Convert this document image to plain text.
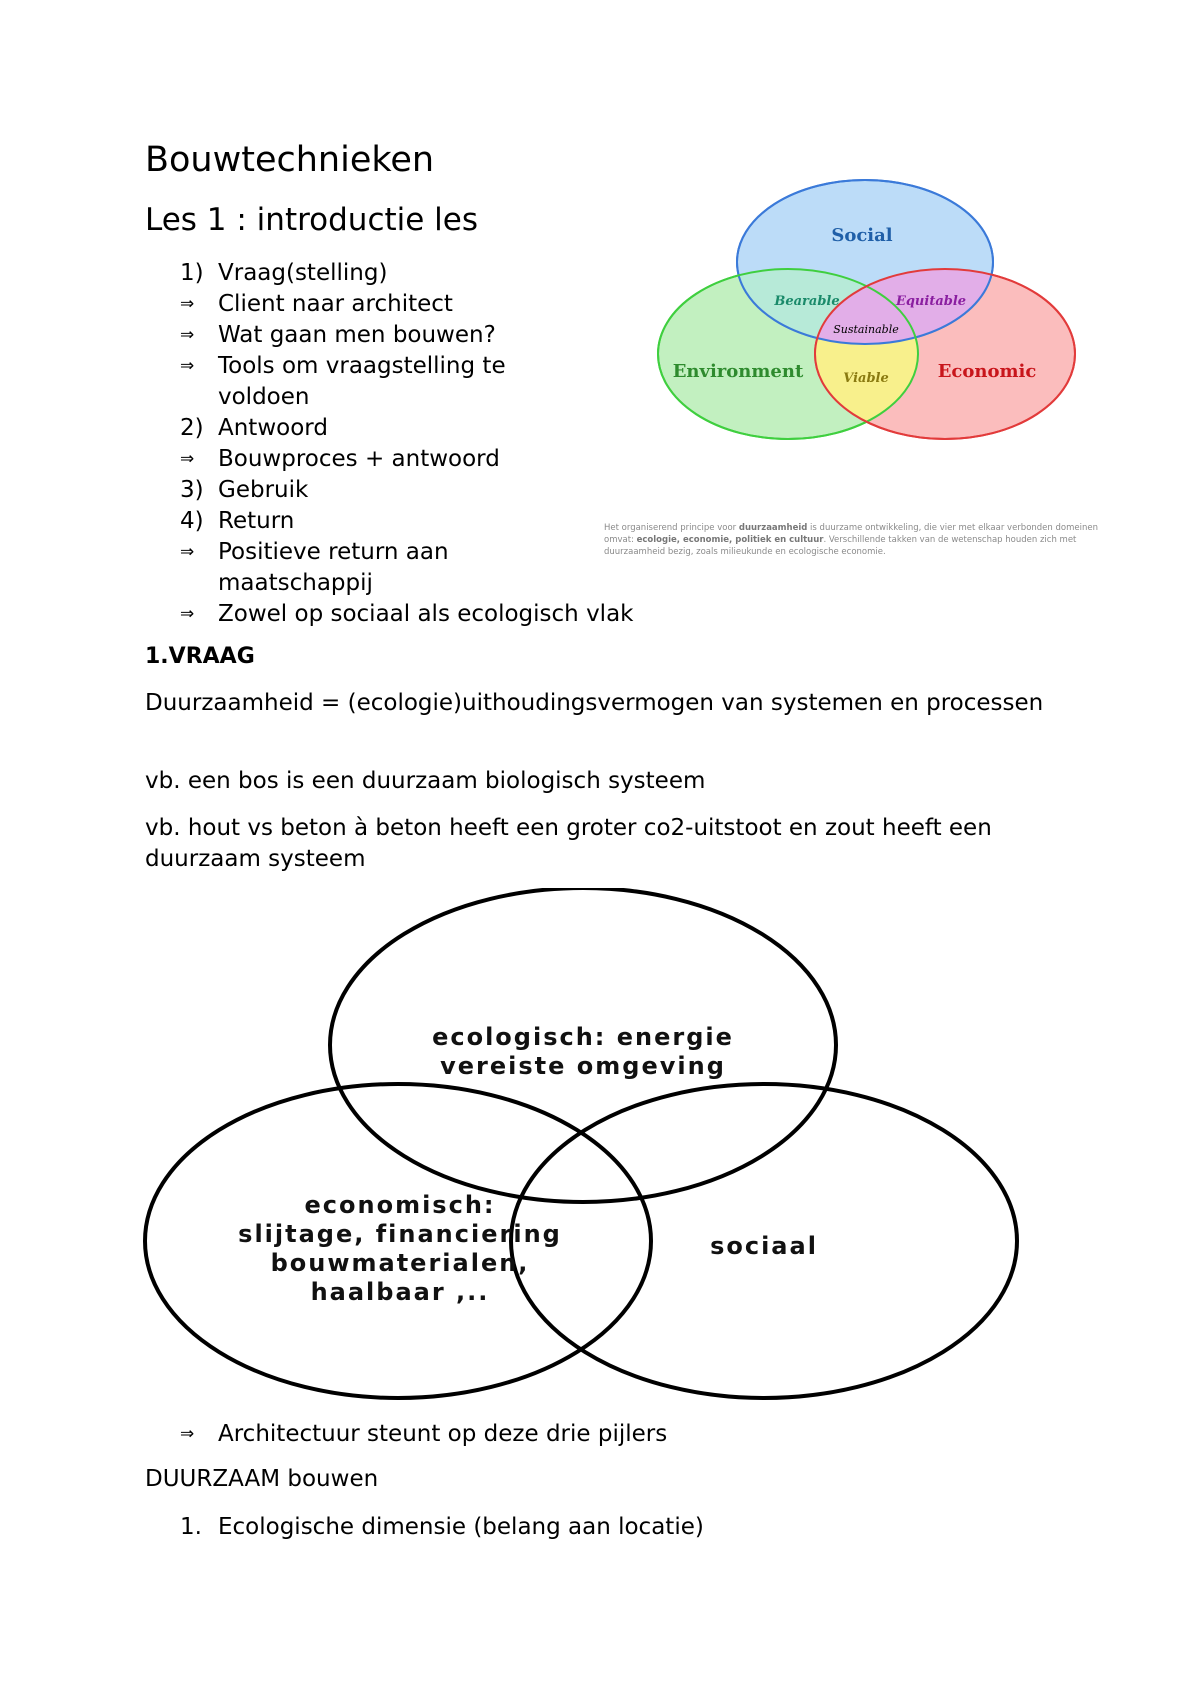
Bouwtechnieken
Les 1 : introductie les
1) Vraag(stelling)
⇒	Client naar architect
⇒	Wat gaan men bouwen?
⇒	Tools om vraagstelling te voldoen
2) Antwoord
⇒	Bouwproces + antwoord
3) Gebruik
4) Return
⇒	Positieve return aan maatschappij
⇒	Zowel op sociaal als ecologisch vlak
Social
Environment	Economic
Bearable	Equitable
Sustainable
Viable
Het organiserend principe voor duurzaamheid is duurzame ontwikkeling, die vier met elkaar verbonden domeinen omvat: ecologie, economie, politiek en cultuur. Verschillende takken van de wetenschap houden zich met duurzaamheid bezig, zoals milieukunde en ecologische economie.
1.VRAAG

Duurzaamheid = (ecologie)uithoudingsvermogen van systemen en processen

vb. een bos is een duurzaam biologisch systeem

vb. hout vs beton à beton heeft een groter co2-uitstoot en zout heeft een duurzaam systeem

ecologisch: energie
vereiste omgeving
economisch:
slijtage, financiering
bouwmaterialen,
haalbaar ,..
sociaal
⇒ Architectuur steunt op deze drie pijlers

DUURZAAM bouwen

1. Ecologische dimensie (belang aan locatie)
